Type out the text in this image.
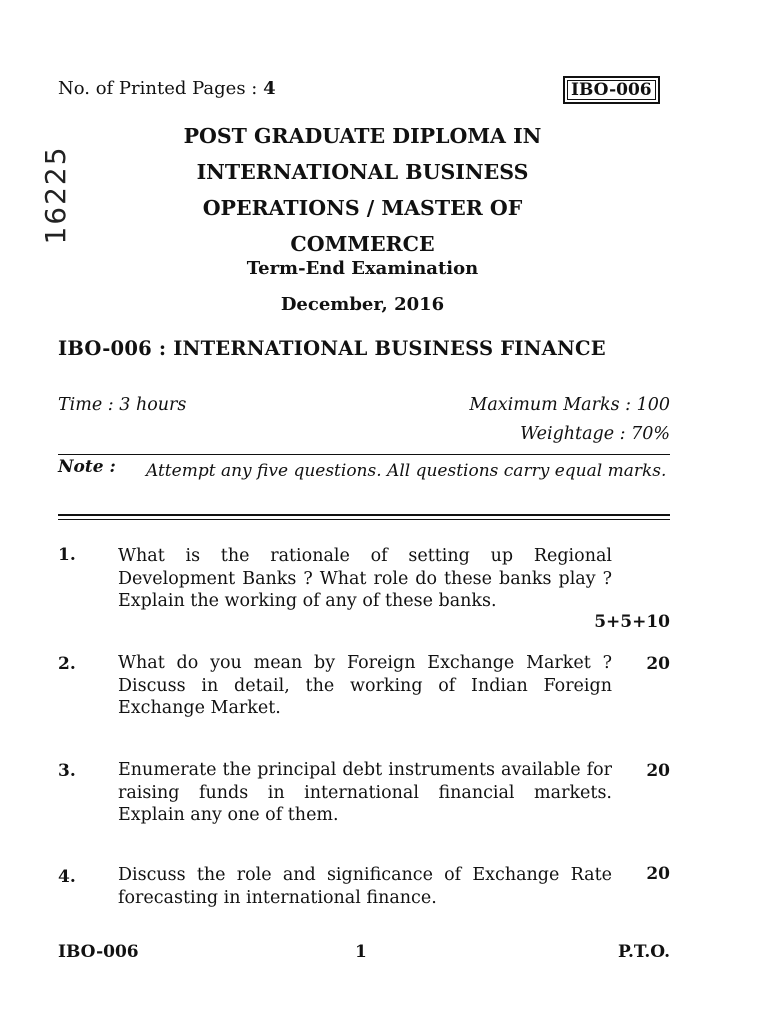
No. of Printed Pages : 4	IBO-006
16225
POST GRADUATE DIPLOMA IN
INTERNATIONAL BUSINESS
OPERATIONS / MASTER OF
COMMERCE
Term-End Examination
December, 2016
IBO-006 : INTERNATIONAL BUSINESS FINANCE
Time : 3 hours	Maximum Marks : 100
Weightage : 70%
Note : Attempt any five questions. All questions carry equal marks.
1. What is the rationale of setting up Regional Development Banks ? What role do these banks play ? Explain the working of any of these banks.
5+5+10
2. What do you mean by Foreign Exchange Market ? Discuss in detail, the working of Indian Foreign Exchange Market.
20
3. Enumerate the principal debt instruments available for raising funds in international financial markets. Explain any one of them.
20
4. Discuss the role and significance of Exchange Rate forecasting in international finance.
20
IBO-006	1	P.T.O.
